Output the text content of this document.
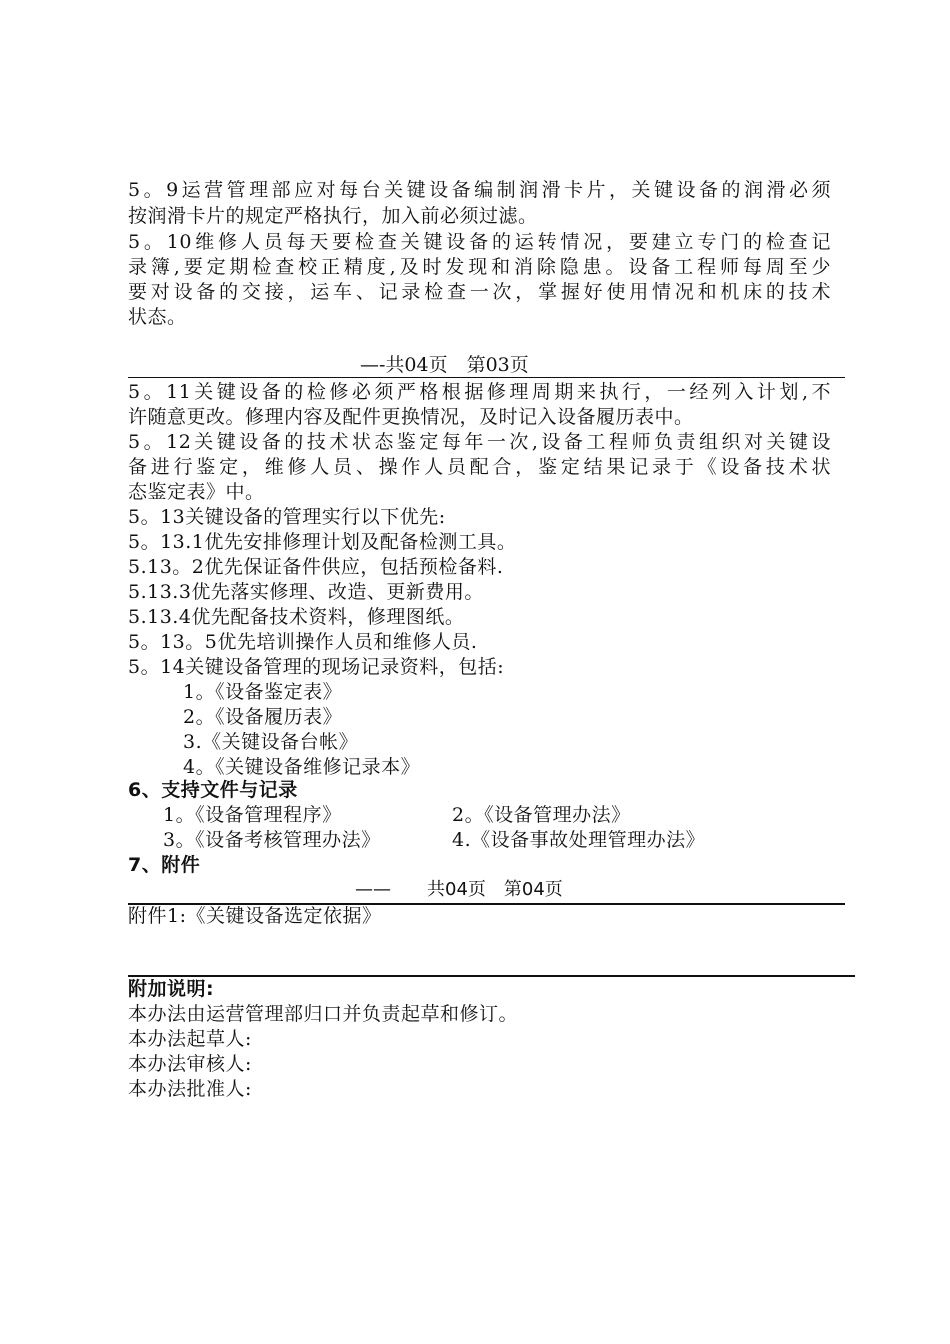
5。9运营管理部应对每台关键设备编制润滑卡片，关键设备的润滑必须
按润滑卡片的规定严格执行，加入前必须过滤。
5。10维修人员每天要检查关键设备的运转情况，要建立专门的检查记
录簿,要定期检查校正精度,及时发现和消除隐患。设备工程师每周至少
要对设备的交接，运车、记录检查一次，掌握好使用情况和机床的技术
状态。
—-共04页　第03页
5。11关键设备的检修必须严格根据修理周期来执行，一经列入计划,不
许随意更改。修理内容及配件更换情况，及时记入设备履历表中。
5。12关键设备的技术状态鉴定每年一次,设备工程师负责组织对关键设
备进行鉴定，维修人员、操作人员配合，鉴定结果记录于《设备技术状
态鉴定表》中。
5。13关键设备的管理实行以下优先:
5。13.1优先安排修理计划及配备检测工具。
5.13。2优先保证备件供应，包括预检备料.
5.13.3优先落实修理、改造、更新费用。
5.13.4优先配备技术资料，修理图纸。
5。13。5优先培训操作人员和维修人员.
5。14关键设备管理的现场记录资料，包括:
1。《设备鉴定表》
2。《设备履历表》
3.《关键设备台帐》
4。《关键设备维修记录本》
6、支持文件与记录
1。《设备管理程序》	2。《设备管理办法》
3。《设备考核管理办法》	4.《设备事故处理管理办法》
7、附件
——　　共04页　第04页
附件1:《关键设备选定依据》
附加说明:
本办法由运营管理部归口并负责起草和修订。
本办法起草人:
本办法审核人:
本办法批准人:
